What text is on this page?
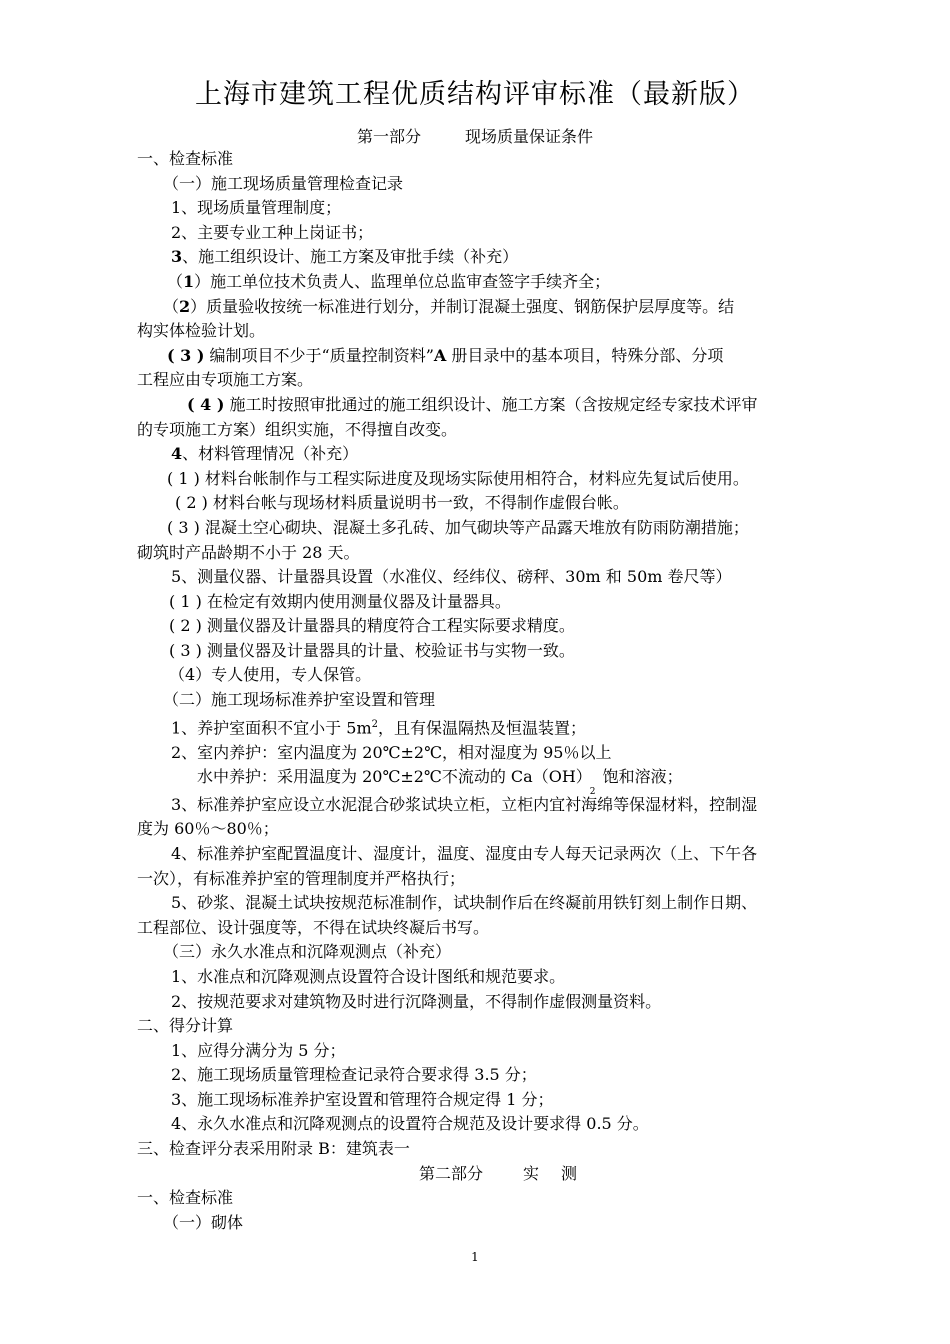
上海市建筑工程优质结构评审标准（最新版）
第一部分	现场质量保证条件
一、检查标准
（一）施工现场质量管理检查记录
1、现场质量管理制度；
2、主要专业工种上岗证书；
3、施工组织设计、施工方案及审批手续（补充）
（1）施工单位技术负责人、监理单位总监审查签字手续齐全；
（2）质量验收按统一标准进行划分，并制订混凝土强度、钢筋保护层厚度等。结
构实体检验计划。
( 3 ) 编制项目不少于“质量控制资料”A 册目录中的基本项目，特殊分部、分项
工程应由专项施工方案。
( 4 ) 施工时按照审批通过的施工组织设计、施工方案（含按规定经专家技术评审
的专项施工方案）组织实施，不得擅自改变。
4、材料管理情况（补充）
( 1 ) 材料台帐制作与工程实际进度及现场实际使用相符合，材料应先复试后使用。
( 2 ) 材料台帐与现场材料质量说明书一致，不得制作虚假台帐。
( 3 ) 混凝土空心砌块、混凝土多孔砖、加气砌块等产品露天堆放有防雨防潮措施；
砌筑时产品龄期不小于 28 天。
5、测量仪器、计量器具设置（水准仪、经纬仪、磅秤、30m 和 50m 卷尺等）
( 1 ) 在检定有效期内使用测量仪器及计量器具。
( 2 ) 测量仪器及计量器具的精度符合工程实际要求精度。
( 3 ) 测量仪器及计量器具的计量、校验证书与实物一致。
（4）专人使用，专人保管。
（二）施工现场标准养护室设置和管理
1、养护室面积不宜小于 $5m^2$，且有保温隔热及恒温装置；
2、室内养护：室内温度为 20℃±2℃，相对湿度为 95％以上
水中养护：采用温度为 20℃±2℃不流动的 $Ca(OH)_2$ 饱和溶液；
3、标准养护室应设立水泥混合砂浆试块立柜，立柜内宜衬海绵等保湿材料，控制湿
度为 60％～80％；
4、标准养护室配置温度计、湿度计，温度、湿度由专人每天记录两次（上、下午各
一次），有标准养护室的管理制度并严格执行；
5、砂浆、混凝土试块按规范标准制作，试块制作后在终凝前用铁钉刻上制作日期、
工程部位、设计强度等，不得在试块终凝后书写。
（三）永久水准点和沉降观测点（补充）
1、水准点和沉降观测点设置符合设计图纸和规范要求。
2、按规范要求对建筑物及时进行沉降测量，不得制作虚假测量资料。
二、得分计算
1、应得分满分为 5 分；
2、施工现场质量管理检查记录符合要求得 3.5 分；
3、施工现场标准养护室设置和管理符合规定得 1 分；
4、永久水准点和沉降观测点的设置符合规范及设计要求得 0.5 分。
三、检查评分表采用附录 B：建筑表一
第二部分	实 测
一、检查标准
（一）砌体
1
